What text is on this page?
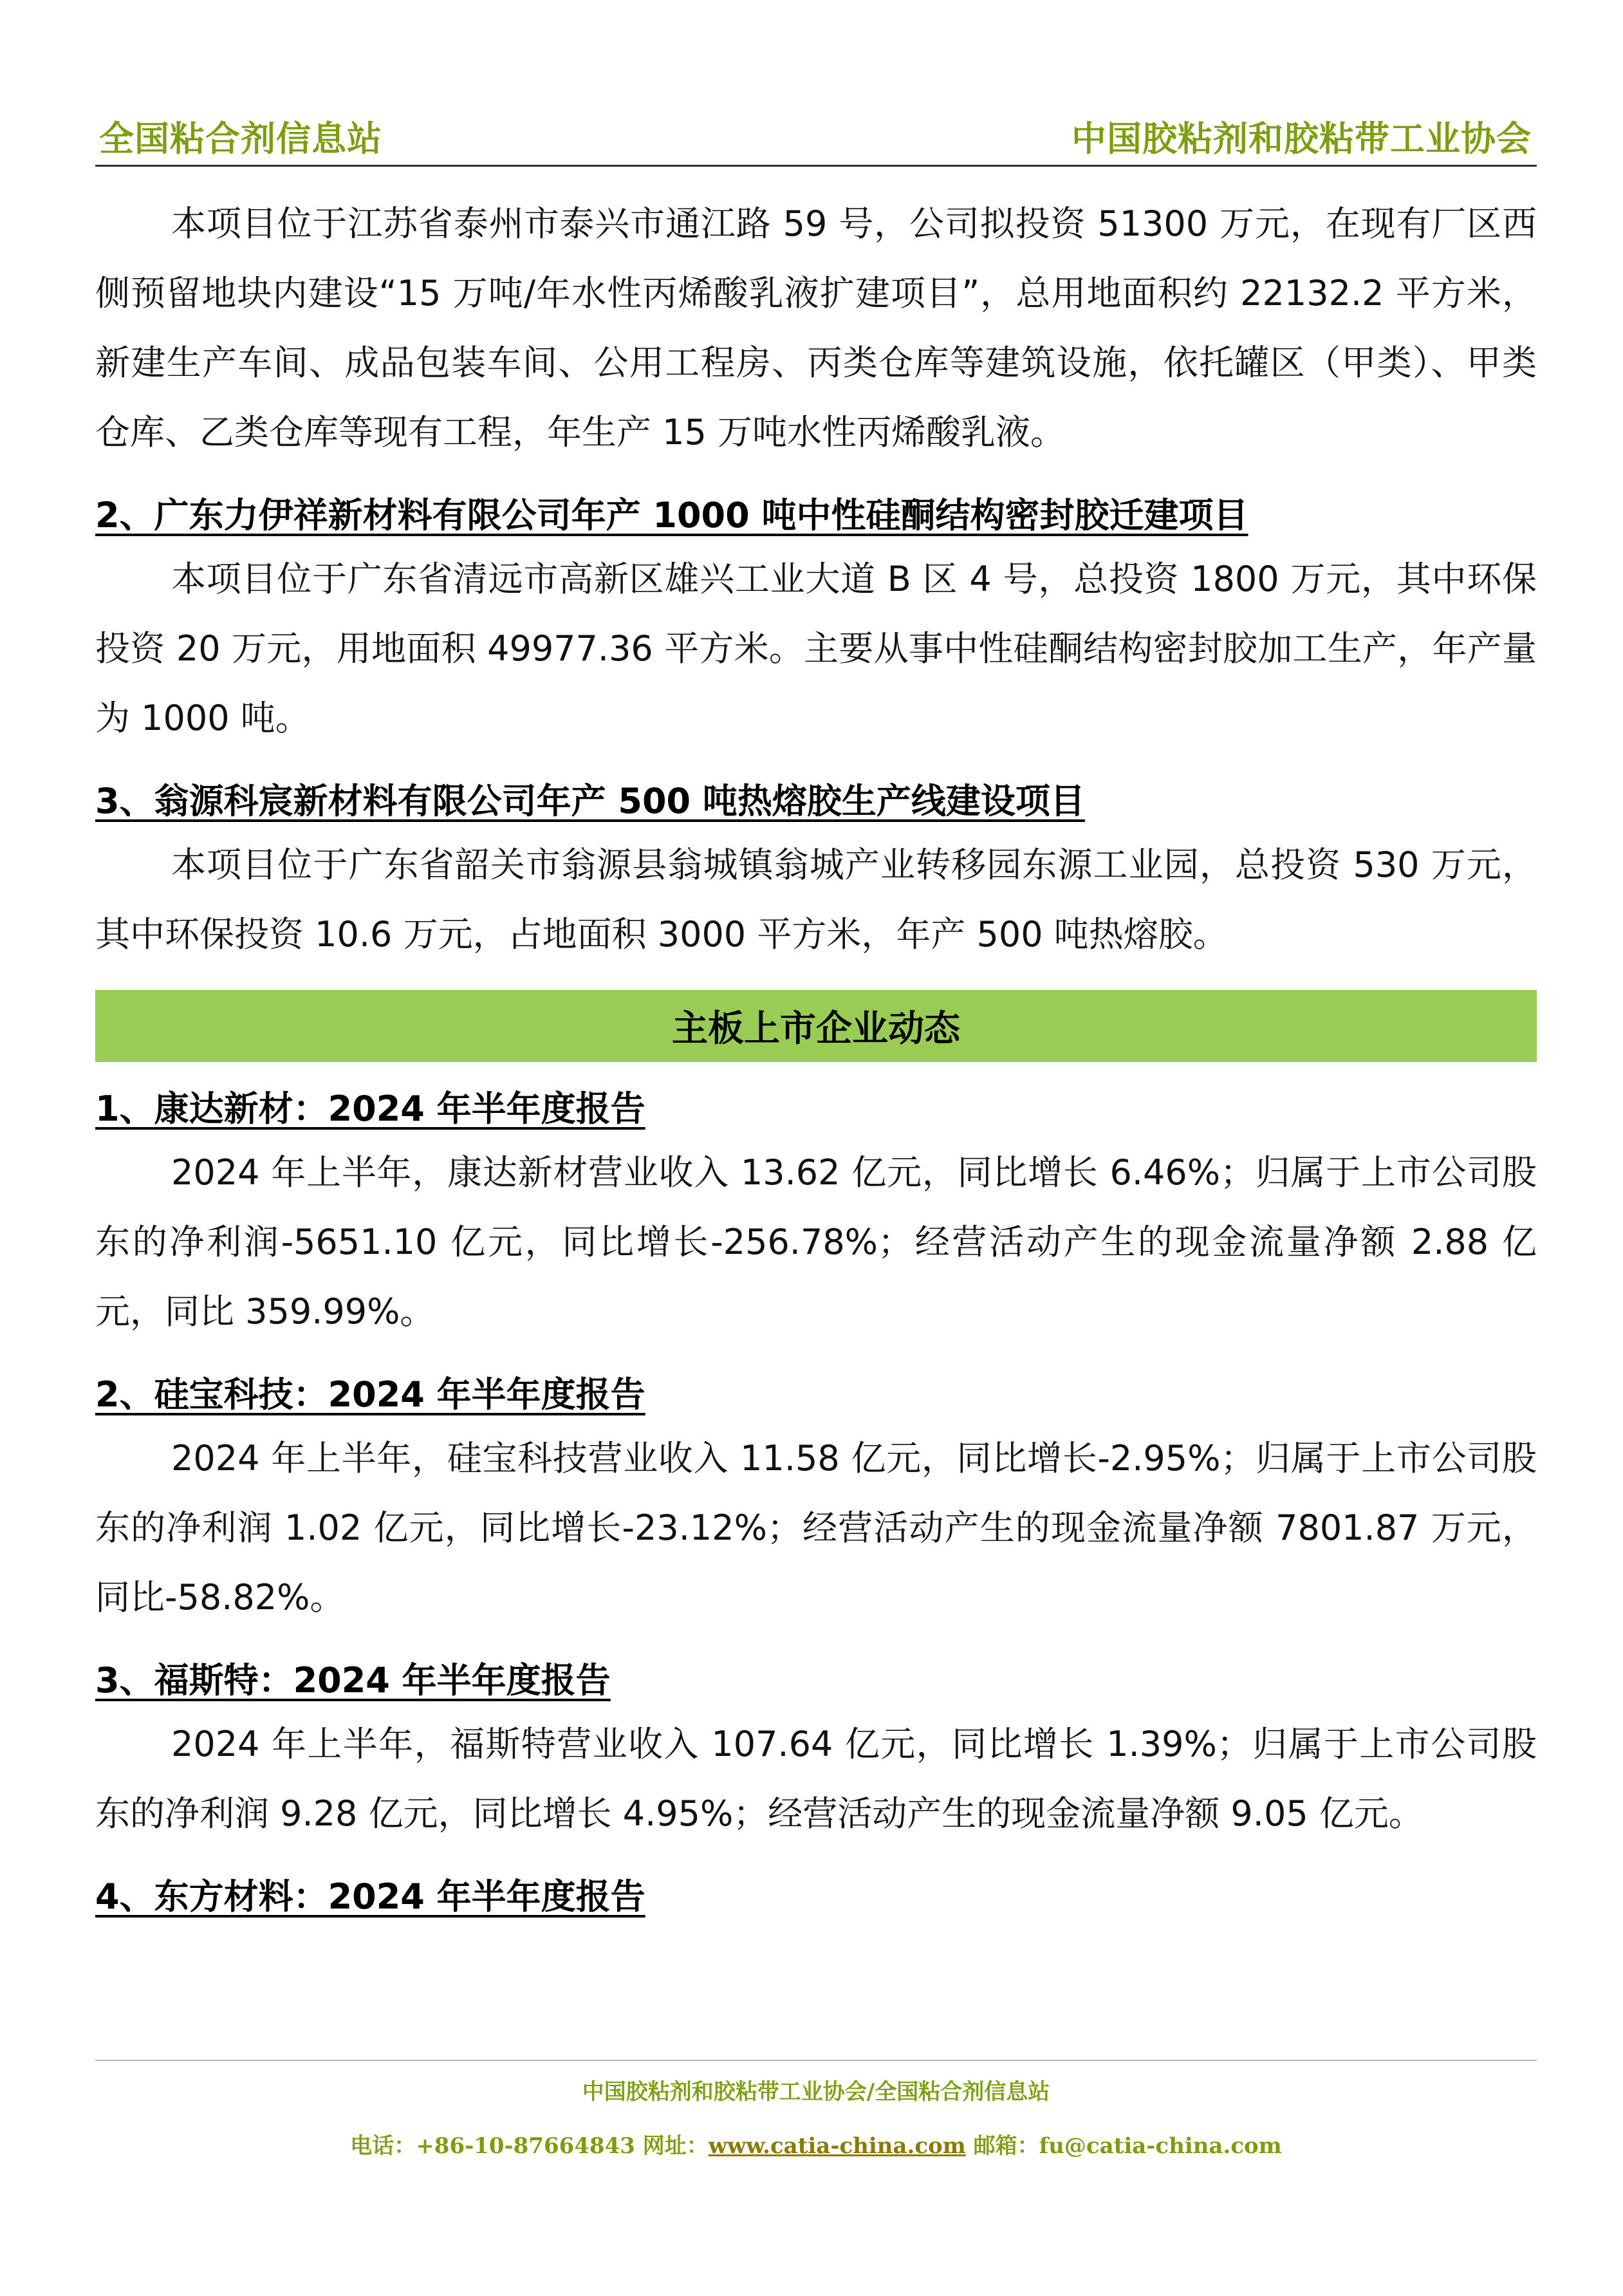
全国粘合剂信息站	中国胶粘剂和胶粘带工业协会

本项目位于江苏省泰州市泰兴市通江路 59 号，公司拟投资 51300 万元，在现有厂区西侧预留地块内建设“15 万吨/年水性丙烯酸乳液扩建项目”，总用地面积约 22132.2 平方米，新建生产车间、成品包装车间、公用工程房、丙类仓库等建筑设施，依托罐区（甲类）、甲类仓库、乙类仓库等现有工程，年生产 15 万吨水性丙烯酸乳液。

2、广东力伊祥新材料有限公司年产 1000 吨中性硅酮结构密封胶迁建项目

本项目位于广东省清远市高新区雄兴工业大道 B 区 4 号，总投资 1800 万元，其中环保投资 20 万元，用地面积 49977.36 平方米。主要从事中性硅酮结构密封胶加工生产，年产量为 1000 吨。

3、翁源科宸新材料有限公司年产 500 吨热熔胶生产线建设项目

本项目位于广东省韶关市翁源县翁城镇翁城产业转移园东源工业园，总投资 530 万元，其中环保投资 10.6 万元，占地面积 3000 平方米，年产 500 吨热熔胶。

主板上市企业动态
1、康达新材：2024 年半年度报告

2024 年上半年，康达新材营业收入 13.62 亿元，同比增长 6.46%；归属于上市公司股东的净利润-5651.10 亿元，同比增长-256.78%；经营活动产生的现金流量净额 2.88 亿元，同比 359.99%。

2、硅宝科技：2024 年半年度报告

2024 年上半年，硅宝科技营业收入 11.58 亿元，同比增长-2.95%；归属于上市公司股东的净利润 1.02 亿元，同比增长-23.12%；经营活动产生的现金流量净额 7801.87 万元，同比-58.82%。

3、福斯特：2024 年半年度报告

2024 年上半年，福斯特营业收入 107.64 亿元，同比增长 1.39%；归属于上市公司股东的净利润 9.28 亿元，同比增长 4.95%；经营活动产生的现金流量净额 9.05 亿元。

4、东方材料：2024 年半年度报告
中国胶粘剂和胶粘带工业协会/全国粘合剂信息站
电话：+86-10-87664843 网址：www.catia-china.com 邮箱：fu@catia-china.com
